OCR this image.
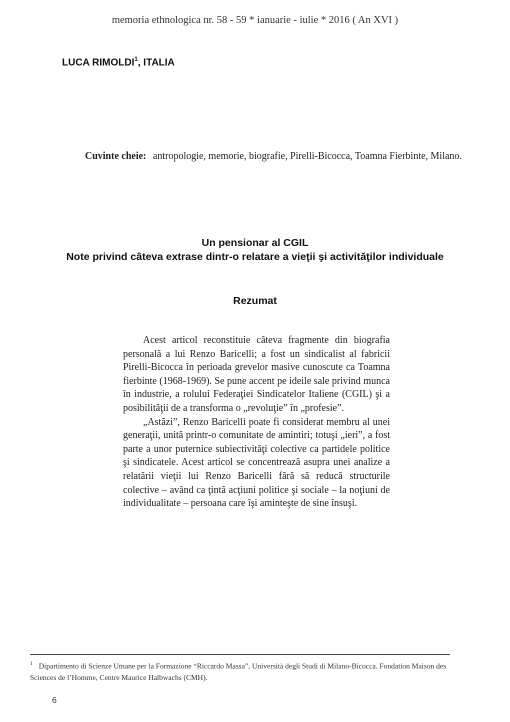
memoria ethnologica nr. 58 - 59 * ianuarie - iulie * 2016 ( An XVI )
LUCA RIMOLDI$^1$, ITALIA
Cuvinte cheie: antropologie, memorie, biografie, Pirelli-Bicocca, Toamna Fierbinte, Milano.
Un pensionar al CGIL
Note privind câteva extrase dintr-o relatare a vieţii şi activităţilor individuale
Rezumat

Acest articol reconstituie câteva fragmente din biografia personală a lui Renzo Baricelli; a fost un sindicalist al fabricii Pirelli-Bicocca în perioada grevelor masive cunoscute ca Toamna fierbinte (1968-1969). Se pune accent pe ideile sale privind munca în industrie, a rolului Federaţiei Sindicatelor Italiene (CGIL) şi a posibilităţii de a transforma o „revoluţie” în „profesie”.

„Astăzi”, Renzo Baricelli poate fi considerat membru al unei generaţii, unită printr-o comunitate de amintiri; totuşi „ieri”, a fost parte a unor puternice subiectivităţi colective ca partidele politice şi sindicatele. Acest articol se concentrează asupra unei analize a relatării vieţii lui Renzo Baricelli fără să reducă structurile colective – având ca ţintă acţiuni politice şi sociale – la noţiuni de individualitate – persoana care îşi aminteşte de sine însuşi.

$^1$ Dipartimento di Scienze Umane per la Formazione “Riccardo Massa”, Università degli Studi di Milano-Bicocca. Fondation Maison des Sciences de l’Homme, Centre Maurice Halbwachs (CMH).
6
